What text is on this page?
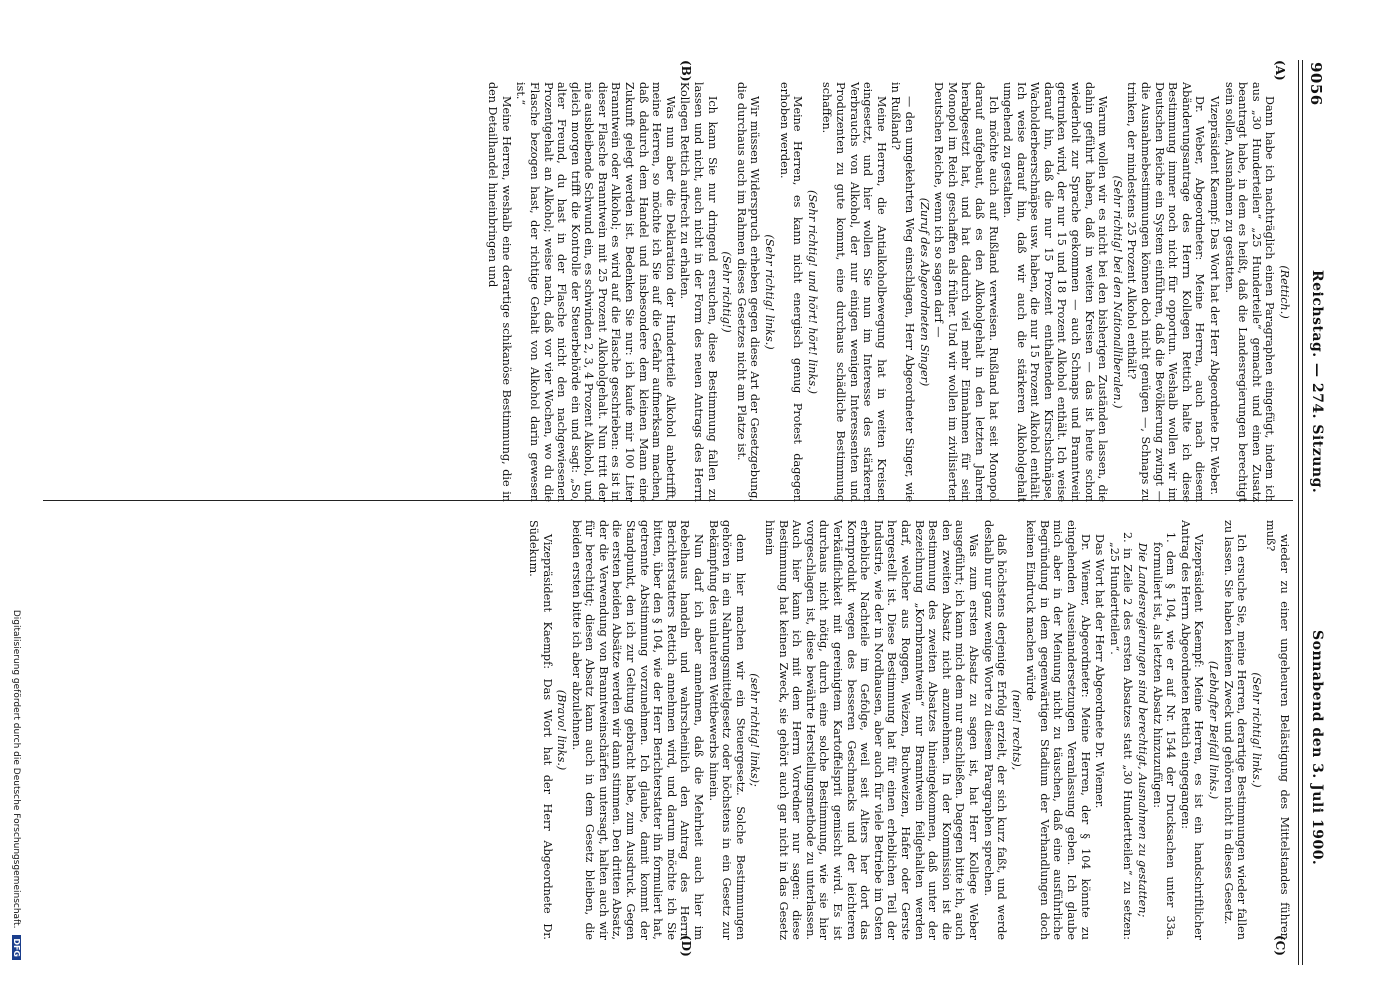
9056
Reichstag. — 274. Sitzung.
Sonnabend den 3. Juli 1900.
(A)
(B)
(C)
(D)
(Rettich.)
Dann habe ich nachträglich einen Paragraphen eingefügt, indem ich aus „30 Hunderteilen“ „25 Hunderteile“ gemacht und einen Zusatz beantragt habe, in dem es heißt, daß die Landesregierungen berechtigt sein sollen, Ausnahmen zu gestatten.
Vizepräsident Kaempf: Das Wort hat der Herr Abgeordnete Dr. Weber.
Dr. Weber, Abgeordneter: Meine Herren, auch nach diesem Abänderungsantrage des Herrn Kollegen Rettich halte ich diese Bestimmung immer noch nicht für opportun. Weshalb wollen wir im Deutschen Reiche ein System einführen, daß die Bevölkerung zwingt — die Ausnahmebestimmungen können doch nicht genügen —, Schnaps zu trinken, der mindestens 25 Prozent Alkohol enthält?
(Sehr richtig! bei den Nationalliberalen.)
Warum wollen wir es nicht bei den bisherigen Zuständen lassen, die dahin geführt haben, daß in weiten Kreisen — das ist heute schon wiederholt zur Sprache gekommen — auch Schnaps und Branntwein getrunken wird, der nur 15 und 18 Prozent Alkohol enthält. Ich weise darauf hin, daß die nur 15 Prozent enthaltenden Kirschschnäpse, Wacholderbeerschnäpse usw. haben, die nur 15 Prozent Alkohol enthält. Ich weise darauf hin, daß wir auch die stärkeren Alkoholgehalt umgehend zu gestalten.
Ich möchte auch auf Rußland verweisen. Rußland hat seit Monopol darauf aufgebaut, daß es den Alkoholgehalt in den letzten Jahren herabgesetzt hat, und hat dadurch viel mehr Einnahmen für sein Monopol im Reich geschaffen als früher. Und wir wollen im zivilisierten Deutschen Reiche, wenn ich so sagen darf —
(Zuruf des Abgeordneten Singer)
— den umgekehrten Weg einschlagen, Herr Abgeordneter Singer, wie in Rußland?
Meine Herren, die Antialkoholbewegung hat in weiten Kreisen eingesetzt, und hier wollen Sie nun im Interesse des stärkeren Verbrauchs von Alkohol, der nur einigen wenigen Interessenten und Produzenten zu gute kommt, eine durchaus schädliche Bestimmung schaffen.
(Sehr richtig! und hört! hört! links.)
Meine Herren, es kann nicht energisch genug Protest dagegen erhoben werden.
(Sehr richtig! links.)
Wir müssen Widerspruch erheben gegen diese Art der Gesetzgebung, die durchaus auch im Rahmen dieses Gesetzes nicht am Platze ist.
(Sehr richtig!)
Ich kann Sie nur dringend ersuchen, diese Bestimmung fallen zu lassen und nicht, auch nicht in der Form des neuen Antrags des Herrn Kollegen Rettich aufrecht zu erhalten.
Was nun aber die Deklaration der Hundertteile Alkohol anbetrifft, meine Herren, so möchte ich Sie auf die Gefahr aufmerksam machen, daß dadurch dem Handel und insbesondere dem kleinen Mann eine Zukunft gelegt werden ist. Bedenken Sie nur: ich kaufe mir 100 Liter Branntwein oder Alkohol; es wird auf die Flasche geschrieben: es ist in dieser Flasche Branntwein mit 25 Prozent Alkoholgehalt. Nun tritt der nie ausbleibende Schwund ein, es schwinden 2, 3, 4 Prozent Alkohol, und gleich morgen trifft die Kontrolle der Steuerbehörde ein und sagt: „So, alter Freund, du hast in der Flasche nicht den nachgewiesenen Prozentgehalt an Alkohol; weise nach, daß vor vier Wochen, wo du die Flasche bezogen hast, der richtige Gehalt von Alkohol darin gewesen ist.“
Meine Herren, weshalb eine derartige schikanöse Bestimmung, die in den Detailhandel hineinbringen und
wieder zu einer ungeheuren Belästigung des Mittelstandes führen muß?
(Sehr richtig! links.)
Ich ersuche Sie, meine Herren, derartige Bestimmungen wieder fallen zu lassen. Sie haben keinen Zweck und gehören nicht in dieses Gesetz.
(Lebhafter Beifall links.)
Vizepräsident Kaempf: Meine Herren, es ist ein handschriftlicher Antrag des Herrn Abgeordneten Rettich eingegangen:
1. dem § 104, wie er auf Nr. 1544 der Drucksachen unter 33a. formuliert ist, als letzten Absatz hinzuzufügen:
Die Landesregierungen sind berechtigt, Ausnahmen zu gestatten;
2. in Zeile 2 des ersten Absatzes statt „30 Hundertteilen“ zu setzen: „25 Hundertteilen“.
Das Wort hat der Herr Abgeordnete Dr. Wiemer.
Dr. Wiemer, Abgeordneter: Meine Herren, der § 104 könnte zu eingehenden Auseinandersetzungen Veranlassung geben. Ich glaube mich aber in der Meinung nicht zu täuschen, daß eine ausführliche Begründung in dem gegenwärtigen Stadium der Verhandlungen doch keinen Eindruck machen würde
(nein! rechts),
daß höchstens derjenige Erfolg erzielt, der sich kurz faßt, und werde deshalb nur ganz wenige Worte zu diesem Paragraphen sprechen.
Was zum ersten Absatz zu sagen ist, hat Herr Kollege Weber ausgeführt; ich kann mich dem nur anschließen. Dagegen bitte ich, auch den zweiten Absatz nicht anzunehmen. In der Kommission ist die Bestimmung des zweiten Absatzes hineingekommen, daß unter der Bezeichnung „Kornbranntwein“ nur Branntwein feilgehalten werden darf, welcher aus Roggen, Weizen, Buchweizen, Hafer oder Gerste hergestellt ist. Diese Bestimmung hat für einen erheblichen Teil der Industrie, wie der in Nordhausen, aber auch für viele Betriebe im Osten erhebliche Nachteile im Gefolge, weil seit Alters her dort das Kornprodukt wegen des besseren Geschmacks und der leichteren Verkäuflichkeit mit gereinigtem Kartoffelsprit gemischt wird. Es ist durchaus nicht nötig, durch eine solche Bestimmung, wie sie hier vorgeschlagen ist, diese bewährte Herstellungsmethode zu unterlassen. Auch hier kann ich mit dem Herrn Vorredner nur sagen: diese Bestimmung hat keinen Zweck, sie gehört auch gar nicht in das Gesetz hinein
(sehr richtig! links);
denn hier machen wir ein Steuergesetz. Solche Bestimmungen gehören in ein Nahrungsmittelgesetz oder höchstens in ein Gesetz zur Bekämpfung des unlauteren Wettbewerbs hinein.
Nun darf ich aber annehmen, daß die Mehrheit auch hier im Rebelhaus handeln und wahrscheinlich den Antrag des Herrn Berichterstatters Rettich annehmen wird, und darum möchte ich Sie bitten, über den § 104, wie der Herr Berichterstatter ihn formuliert hat, getrennte Abstimmung vorzunehmen. Ich glaube, damit kommt der Standpunkt, den ich zur Geltung gebracht habe, zum Ausdruck. Gegen die ersten beiden Absätze werden wir dann stimmen. Den dritten Absatz, der die Verwendung von Branntweinschärfen untersagt, halten auch wir für berechtigt; diesen Absatz kann auch in dem Gesetz bleiben, die beiden ersten bitte ich aber abzulehnen.
(Bravo! links.)
Vizepräsident Kaempf: Das Wort hat der Herr Abgeordnete Dr. Südekum.
Digitalisierung gefördert durch die Deutsche Forschungsgemeinschaft. DFG
